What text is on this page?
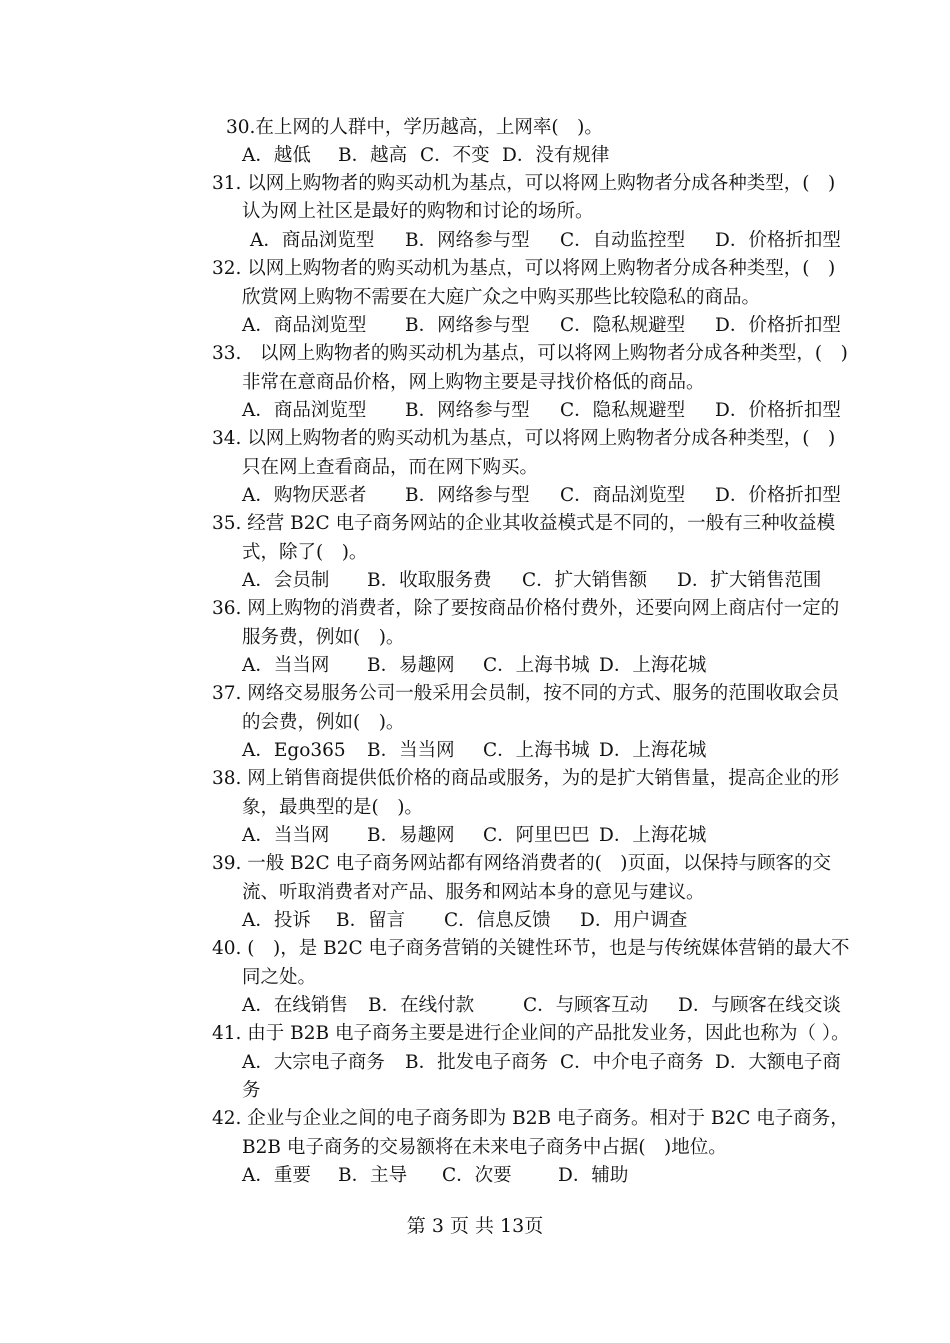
30.在上网的人群中，学历越高，上网率(　)。
A．越低 B．越高 C．不变 D．没有规律
31. 以网上购物者的购买动机为基点，可以将网上购物者分成各种类型，(　)
认为网上社区是最好的购物和讨论的场所。
A．商品浏览型 B．网络参与型 C．自动监控型 D．价格折扣型
32. 以网上购物者的购买动机为基点，可以将网上购物者分成各种类型，(　)
欣赏网上购物不需要在大庭广众之中购买那些比较隐私的商品。
A．商品浏览型 B．网络参与型 C．隐私规避型 D．价格折扣型
33.　以网上购物者的购买动机为基点，可以将网上购物者分成各种类型，(　)
非常在意商品价格，网上购物主要是寻找价格低的商品。
A．商品浏览型 B．网络参与型 C．隐私规避型 D．价格折扣型
34. 以网上购物者的购买动机为基点，可以将网上购物者分成各种类型，(　)
只在网上查看商品，而在网下购买。
A．购物厌恶者 B．网络参与型 C．商品浏览型 D．价格折扣型
35. 经营 B2C 电子商务网站的企业其收益模式是不同的，一般有三种收益模
式，除了(　)。
A．会员制 B．收取服务费 C．扩大销售额 D．扩大销售范围
36. 网上购物的消费者，除了要按商品价格付费外，还要向网上商店付一定的
服务费，例如(　)。
A．当当网 B．易趣网 C．上海书城 D．上海花城
37. 网络交易服务公司一般采用会员制，按不同的方式、服务的范围收取会员
的会费，例如(　)。
A．Ego365 B．当当网 C．上海书城 D．上海花城
38. 网上销售商提供低价格的商品或服务，为的是扩大销售量，提高企业的形
象，最典型的是(　)。
A．当当网 B．易趣网 C．阿里巴巴 D．上海花城
39. 一般 B2C 电子商务网站都有网络消费者的(　)页面，以保持与顾客的交
流、听取消费者对产品、服务和网站本身的意见与建议。
A．投诉 B．留言 C．信息反馈 D．用户调查
40. (　)，是 B2C 电子商务营销的关键性环节，也是与传统媒体营销的最大不
同之处。
A．在线销售 B．在线付款	C．与顾客互动 D．与顾客在线交谈
41. 由于 B2B 电子商务主要是进行企业间的产品批发业务，因此也称为（ ）。
A．大宗电子商务 B．批发电子商务 C．中介电子商务 D．大额电子商
务
42. 企业与企业之间的电子商务即为 B2B 电子商务。相对于 B2C 电子商务，
B2B 电子商务的交易额将在未来电子商务中占据(　)地位。
A．重要 B．主导 C．次要	D．辅助
第 3 页 共 13页
